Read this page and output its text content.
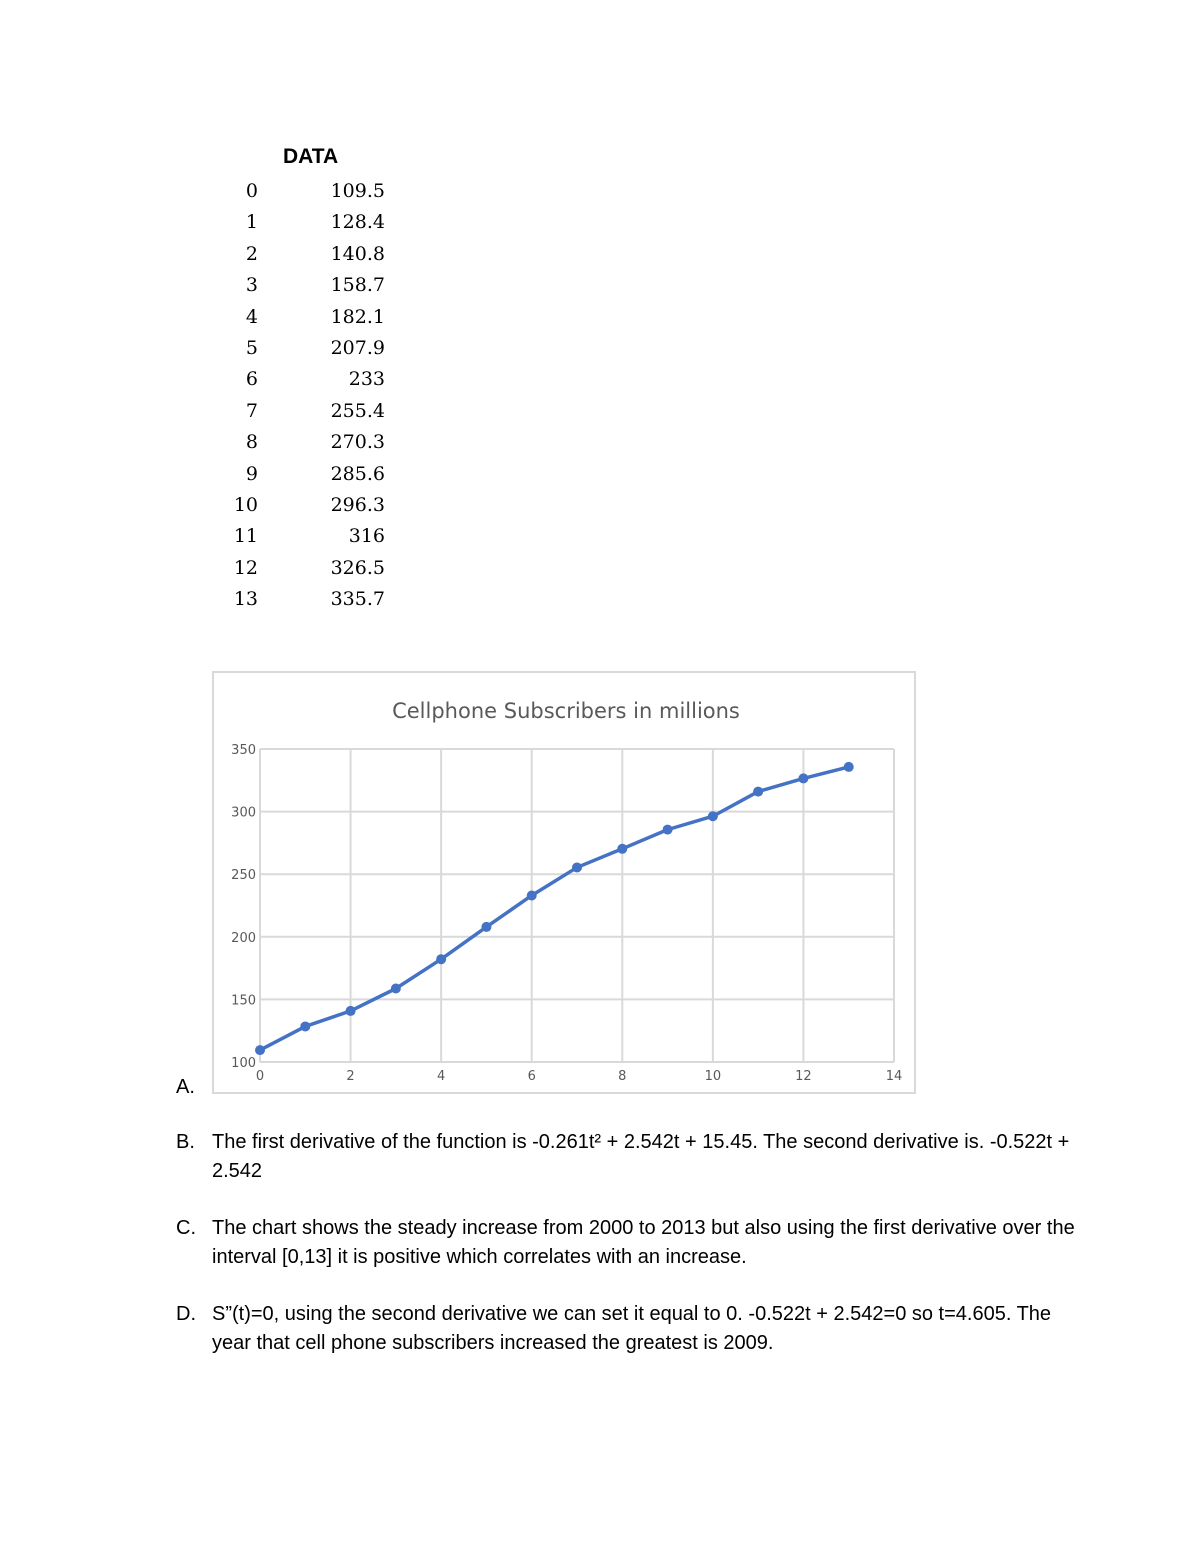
DATA
0	109.5
1	128.4
2	140.8
3	158.7
4	182.1
5	207.9
6	233
7	255.4
8	270.3
9	285.6
10	296.3
11	316
12	326.5
13	335.7
Cellphone Subscribers in millions
0	2	4	6	8	10	12	14
100
150
200
250
300
350
A.
B. The first derivative of the function is -0.261t² + 2.542t + 15.45. The second derivative is. -0.522t + 2.542
C. The chart shows the steady increase from 2000 to 2013 but also using the first derivative over the interval [0,13] it is positive which correlates with an increase.
D. S”(t)=0, using the second derivative we can set it equal to 0. -0.522t + 2.542=0 so t=4.605. The year that cell phone subscribers increased the greatest is 2009.
